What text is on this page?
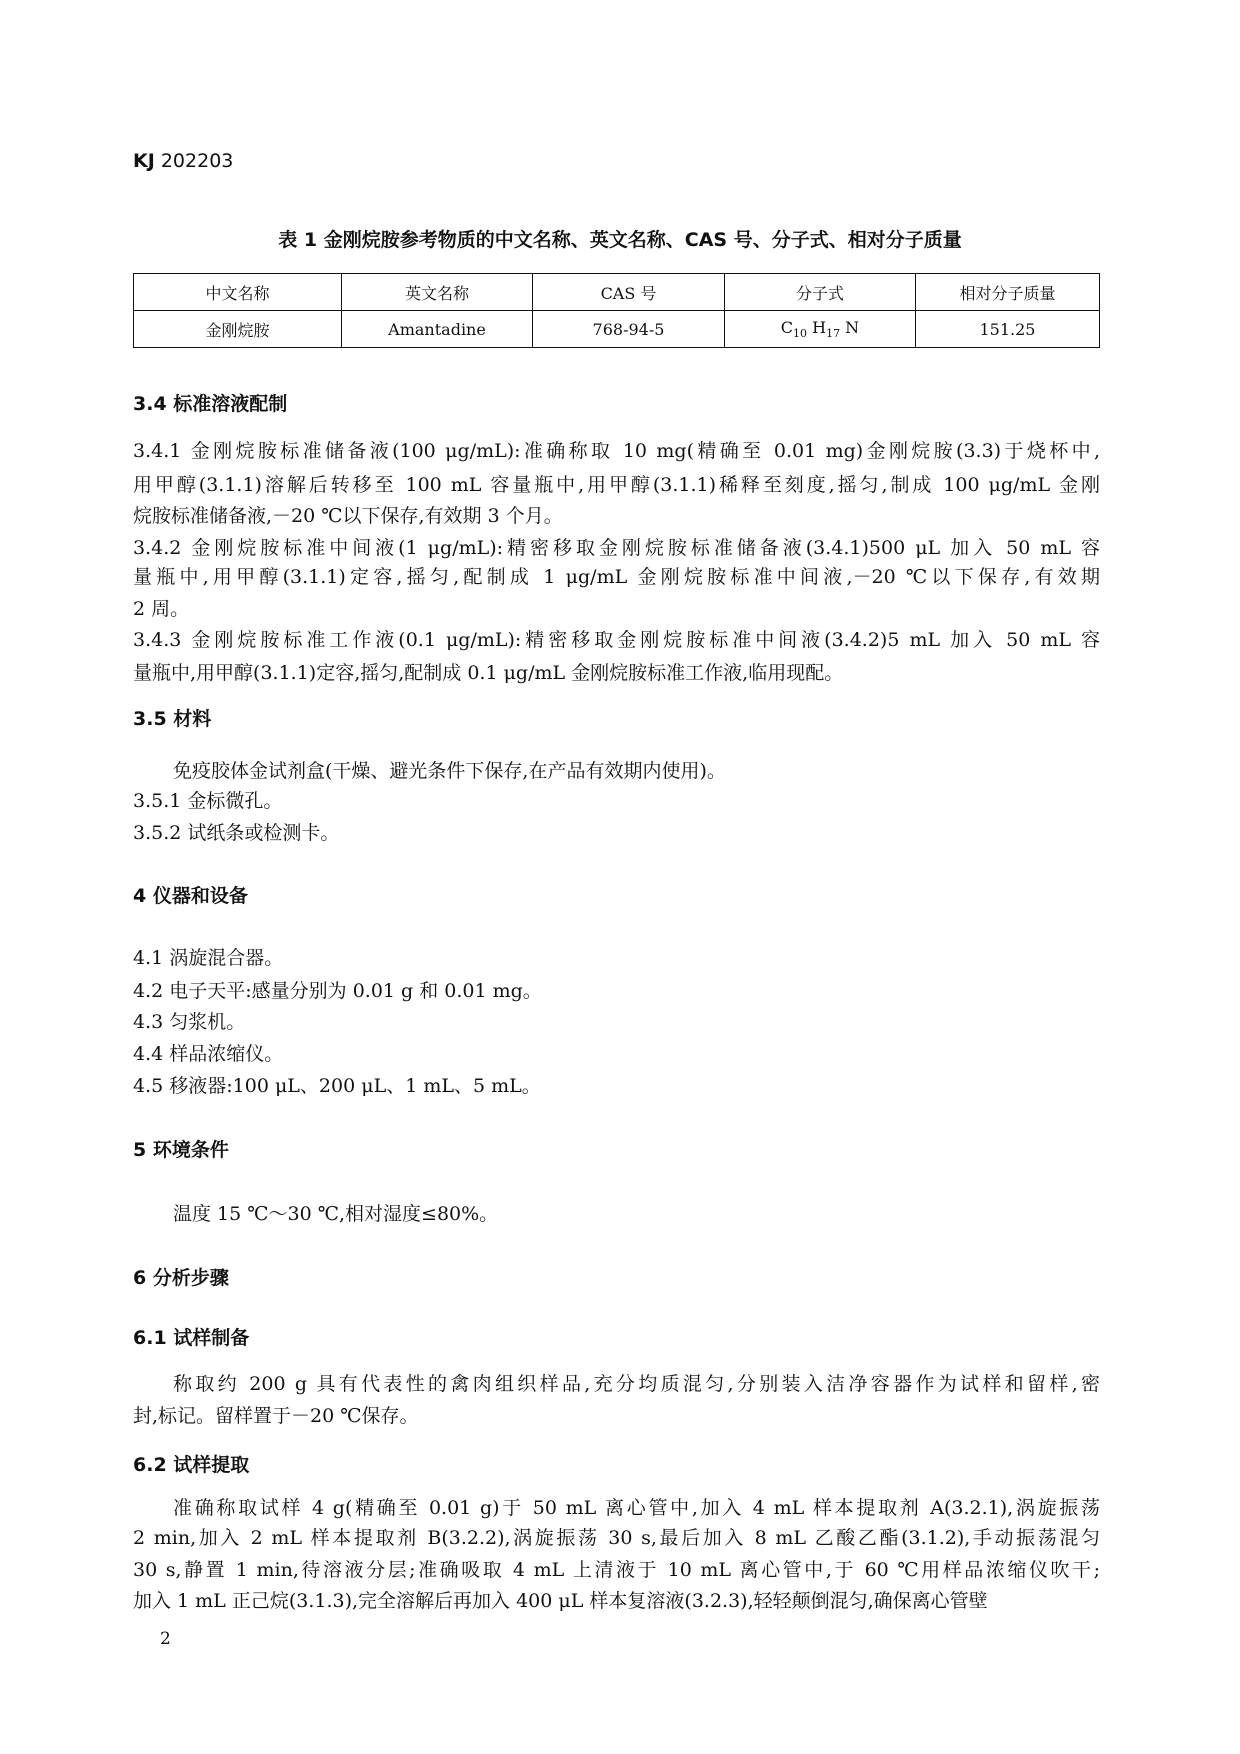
KJ 202203
表 1 金刚烷胺参考物质的中文名称、英文名称、CAS 号、分子式、相对分子质量
中文名称	英文名称	CAS 号	分子式	相对分子质量
金刚烷胺	Amantadine	768-94-5	$C_{10}$ $H_{17}$ N	151.25
3.4 标准溶液配制
3.4.1 金刚烷胺标准储备液(100 μg/mL):准确称取 10 mg(精确至 0.01 mg)金刚烷胺(3.3)于烧杯中,
用甲醇(3.1.1)溶解后转移至 100 mL 容量瓶中,用甲醇(3.1.1)稀释至刻度,摇匀,制成 100 μg/mL 金刚
烷胺标准储备液,－20 ℃以下保存,有效期 3 个月。
3.4.2 金刚烷胺标准中间液(1 μg/mL):精密移取金刚烷胺标准储备液(3.4.1)500 μL 加入 50 mL 容
量瓶中,用甲醇(3.1.1)定容,摇匀,配制成 1 μg/mL 金刚烷胺标准中间液,－20 ℃以下保存,有效期
2 周。
3.4.3 金刚烷胺标准工作液(0.1 μg/mL):精密移取金刚烷胺标准中间液(3.4.2)5 mL 加入 50 mL 容
量瓶中,用甲醇(3.1.1)定容,摇匀,配制成 0.1 μg/mL 金刚烷胺标准工作液,临用现配。
3.5 材料
免疫胶体金试剂盒(干燥、避光条件下保存,在产品有效期内使用)。
3.5.1 金标微孔。
3.5.2 试纸条或检测卡。
4 仪器和设备
4.1 涡旋混合器。
4.2 电子天平:感量分别为 0.01 g 和 0.01 mg。
4.3 匀浆机。
4.4 样品浓缩仪。
4.5 移液器:100 μL、200 μL、1 mL、5 mL。
5 环境条件
温度 15 ℃～30 ℃,相对湿度≤80%。
6 分析步骤
6.1 试样制备
称取约 200 g 具有代表性的禽肉组织样品,充分均质混匀,分别装入洁净容器作为试样和留样,密
封,标记。留样置于－20 ℃保存。
6.2 试样提取
准确称取试样 4 g(精确至 0.01 g)于 50 mL 离心管中,加入 4 mL 样本提取剂 A(3.2.1),涡旋振荡
2 min,加入 2 mL 样本提取剂 B(3.2.2),涡旋振荡 30 s,最后加入 8 mL 乙酸乙酯(3.1.2),手动振荡混匀
30 s,静置 1 min,待溶液分层;准确吸取 4 mL 上清液于 10 mL 离心管中,于 60 ℃用样品浓缩仪吹干;
加入 1 mL 正己烷(3.1.3),完全溶解后再加入 400 μL 样本复溶液(3.2.3),轻轻颠倒混匀,确保离心管壁
2
